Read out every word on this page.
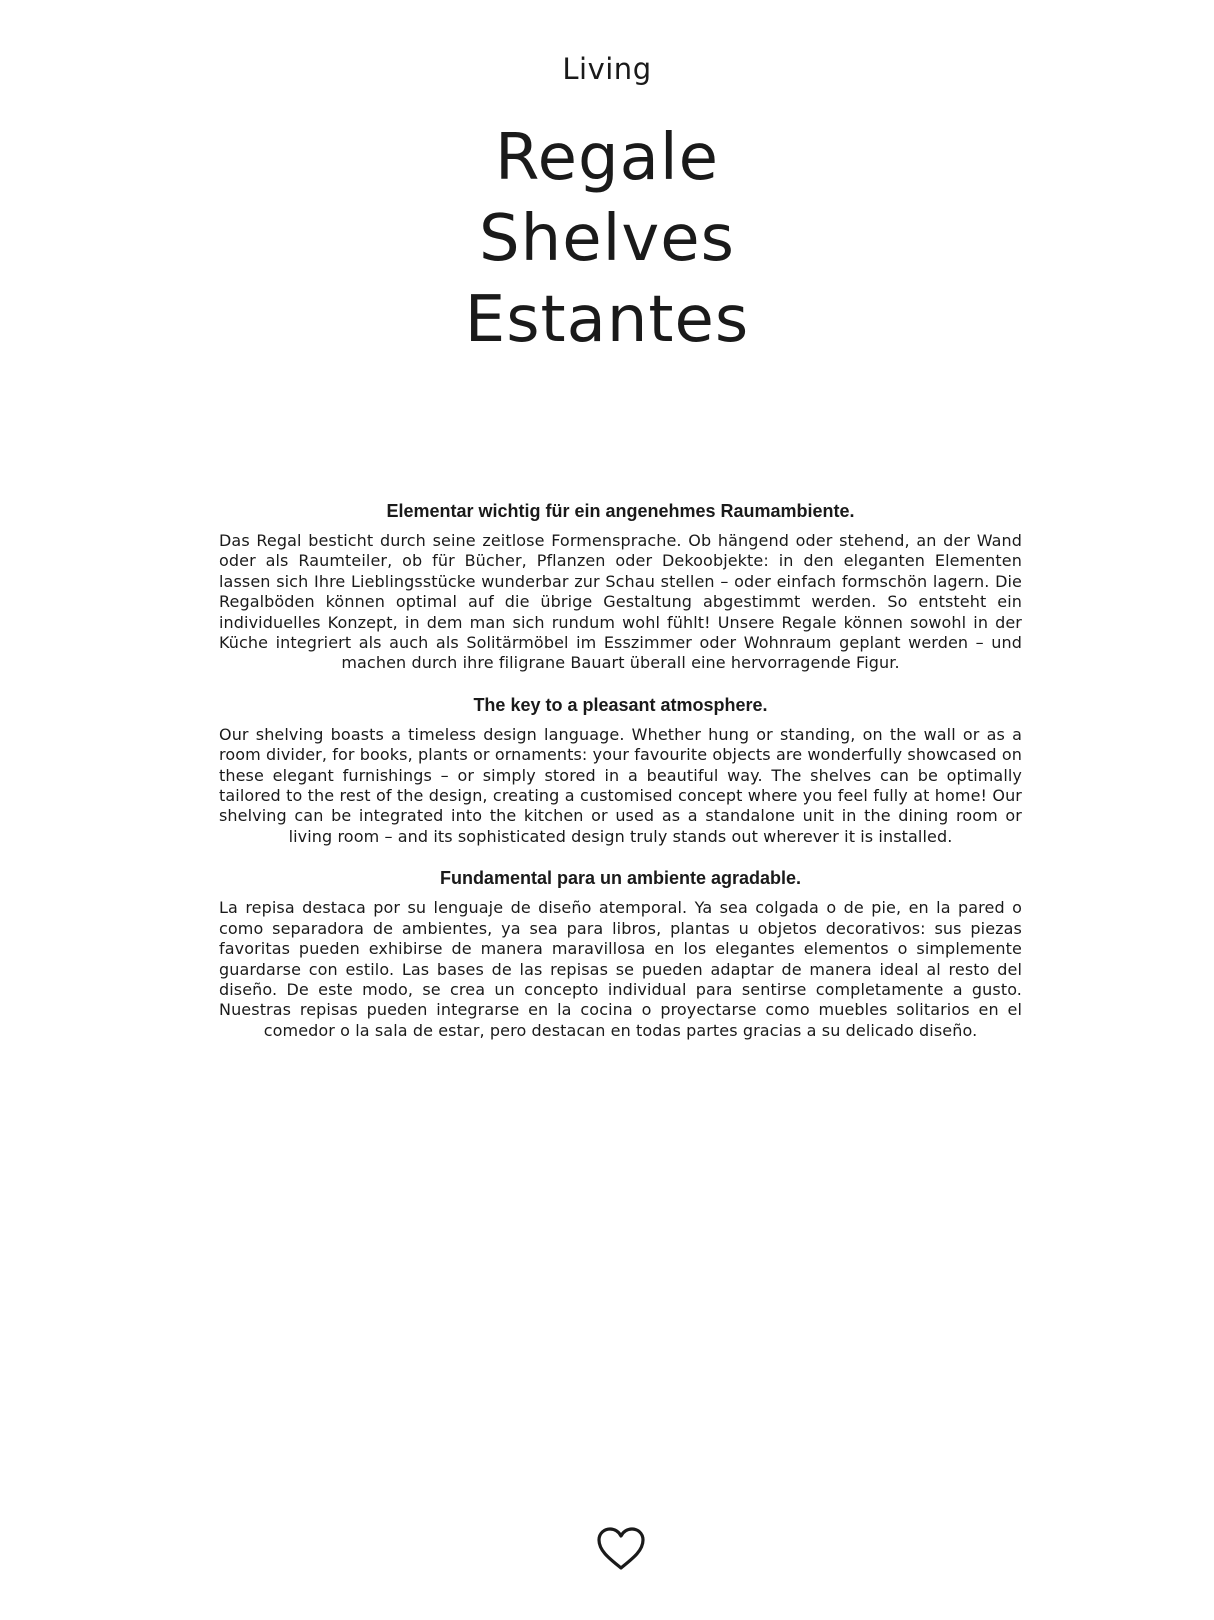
Living
Regale
Shelves
Estantes
Elementar wichtig für ein angenehmes Raumambiente.
Das Regal besticht durch seine zeitlose Formensprache. Ob hängend oder stehend, an der Wand oder als Raumteiler, ob für Bücher, Pflanzen oder Dekoobjekte: in den eleganten Elementen lassen sich Ihre Lieblingsstücke wunderbar zur Schau stellen – oder einfach formschön lagern. Die Regalböden können optimal auf die übrige Gestaltung abgestimmt werden. So entsteht ein individuelles Konzept, in dem man sich rundum wohl fühlt! Unsere Regale können sowohl in der Küche integriert als auch als Solitärmöbel im Esszimmer oder Wohnraum geplant werden – und machen durch ihre filigrane Bauart überall eine hervorragende Figur.
The key to a pleasant atmosphere.
Our shelving boasts a timeless design language. Whether hung or standing, on the wall or as a room divider, for books, plants or ornaments: your favourite objects are wonderfully showcased on these elegant furnishings – or simply stored in a beautiful way. The shelves can be optimally tailored to the rest of the design, creating a customised concept where you feel fully at home! Our shelving can be integrated into the kitchen or used as a standalone unit in the dining room or living room – and its sophisticated design truly stands out wherever it is installed.
Fundamental para un ambiente agradable.
La repisa destaca por su lenguaje de diseño atemporal. Ya sea colgada o de pie, en la pared o como separadora de ambientes, ya sea para libros, plantas u objetos decorativos: sus piezas favoritas pueden exhibirse de manera maravillosa en los elegantes elementos o simplemente guardarse con estilo. Las bases de las repisas se pueden adaptar de manera ideal al resto del diseño. De este modo, se crea un concepto individual para sentirse completamente a gusto. Nuestras repisas pueden integrarse en la cocina o proyectarse como muebles solitarios en el comedor o la sala de estar, pero destacan en todas partes gracias a su delicado diseño.
